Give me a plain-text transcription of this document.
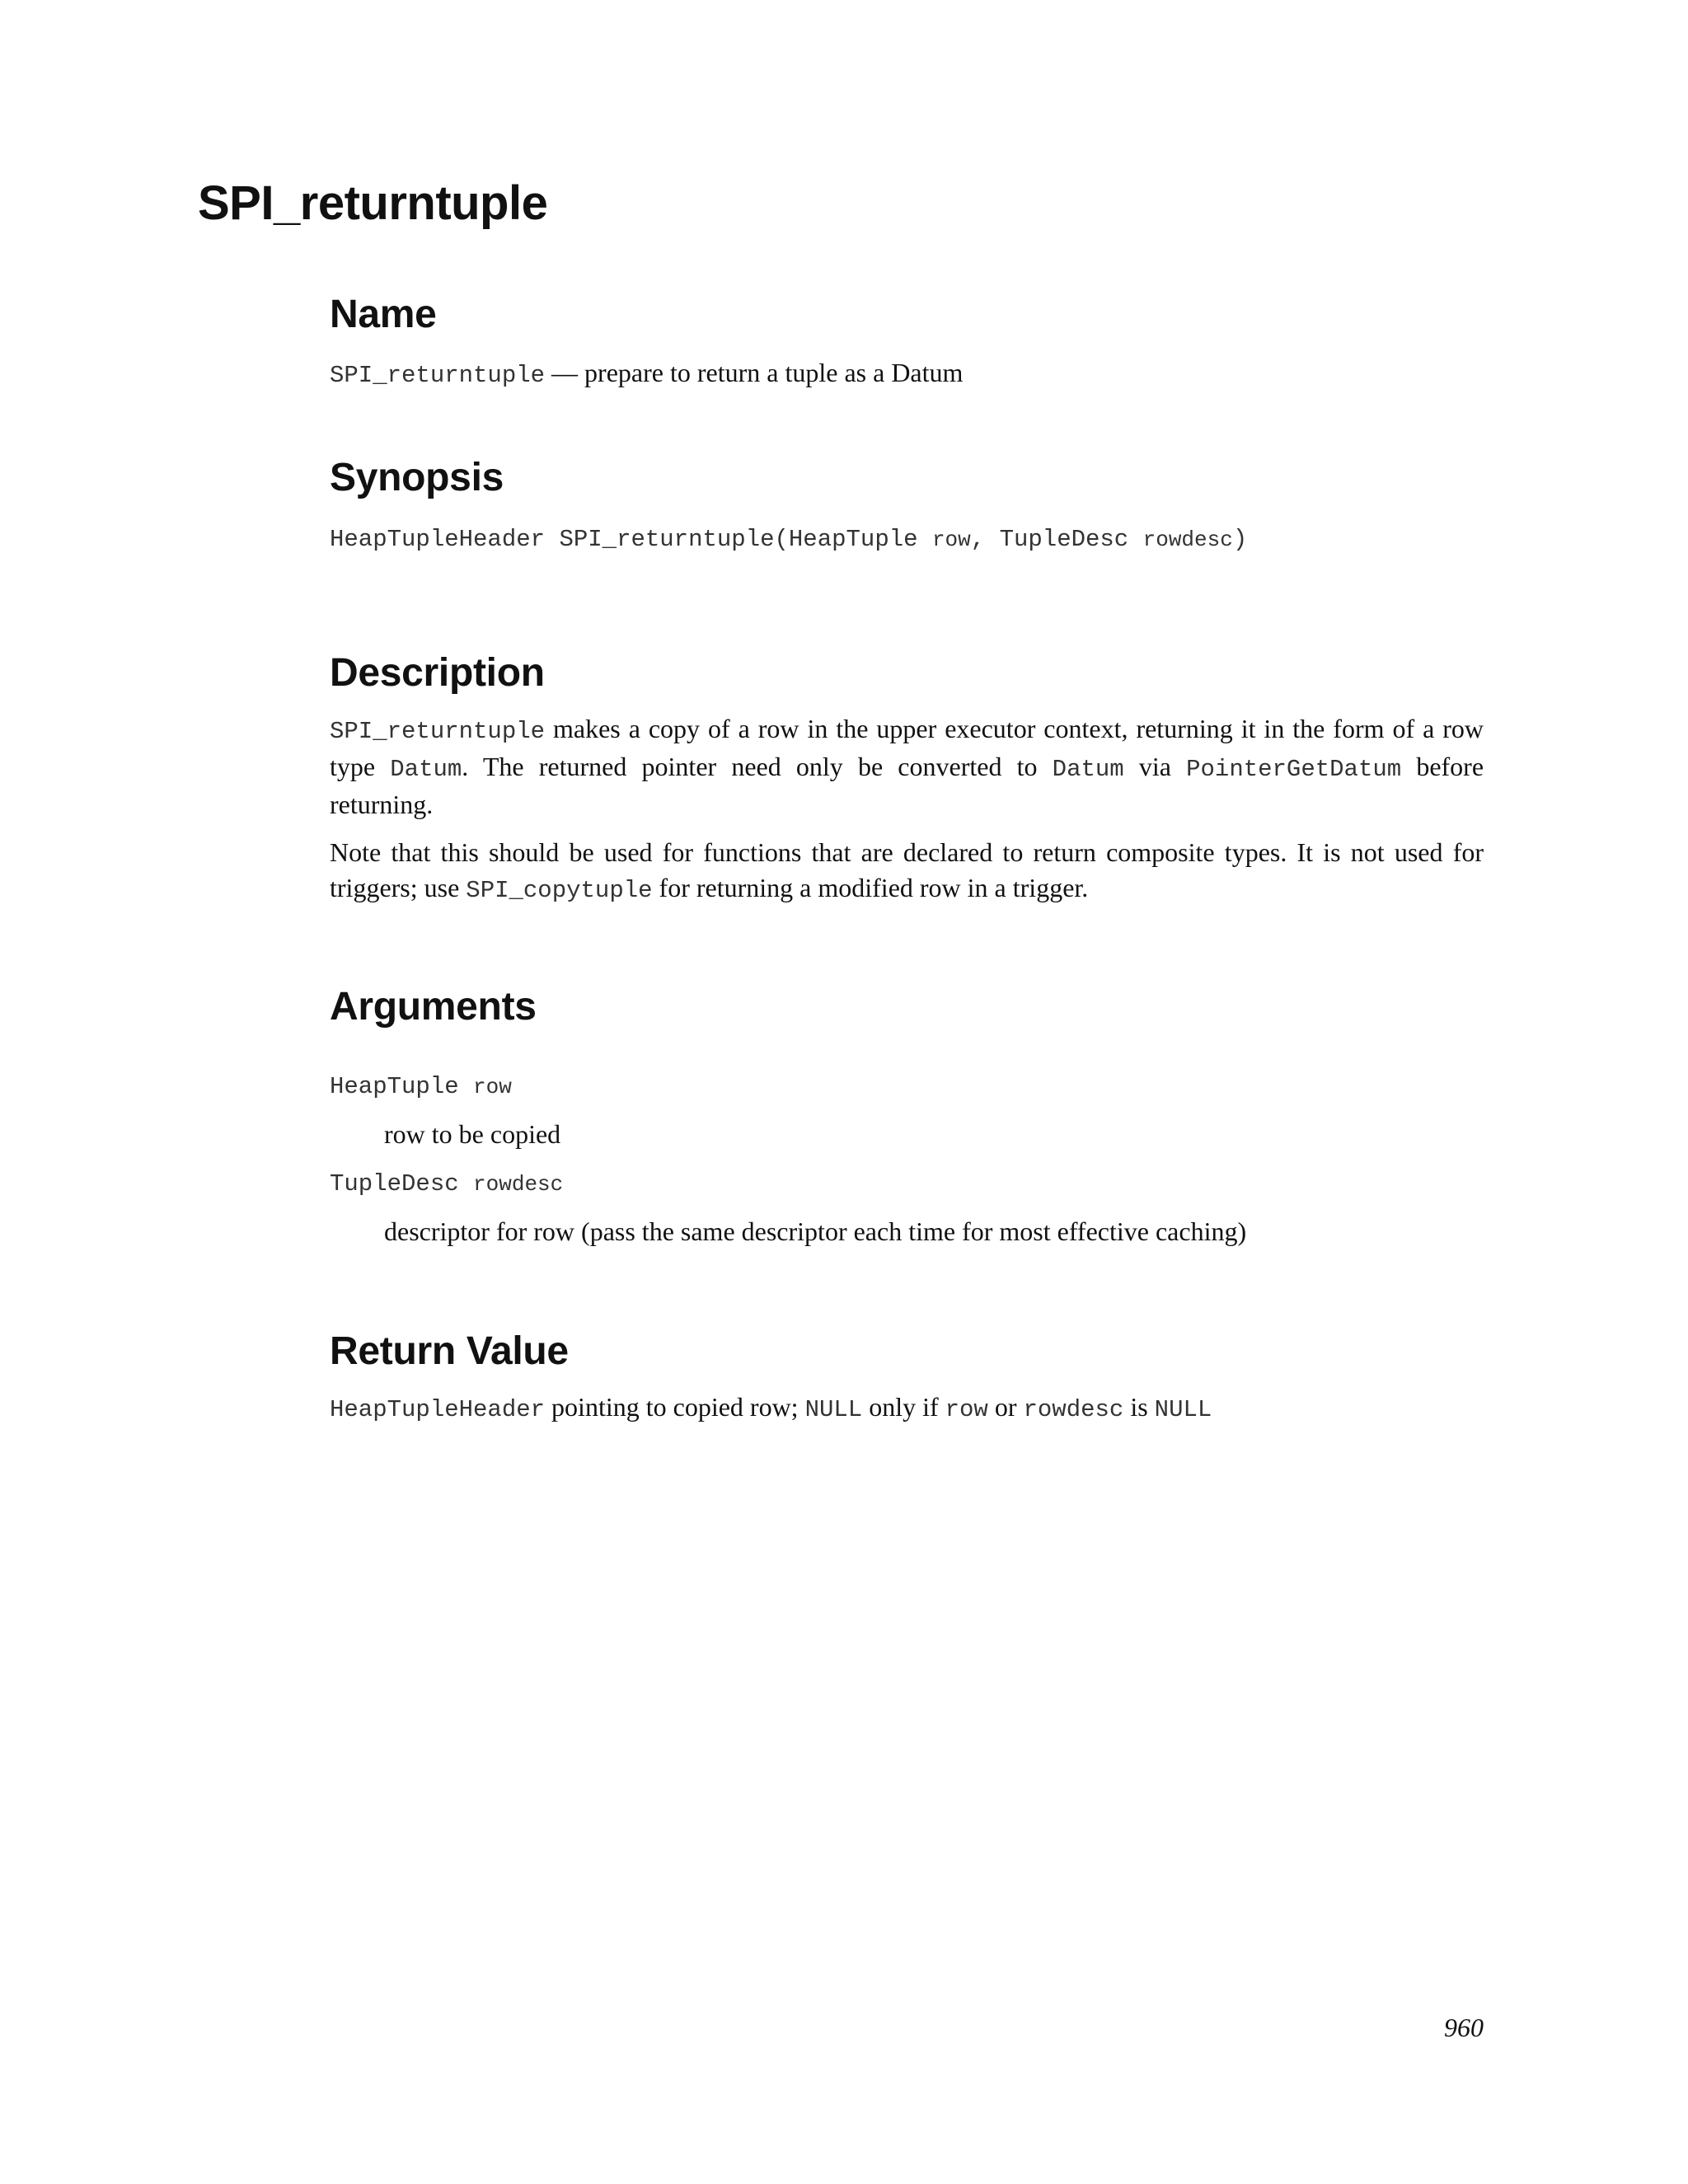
SPI_returntuple
Name

SPI_returntuple — prepare to return a tuple as a Datum

Synopsis

HeapTupleHeader SPI_returntuple(HeapTuple row, TupleDesc rowdesc)

Description

SPI_returntuple makes a copy of a row in the upper executor context, returning it in the form of a row type Datum. The returned pointer need only be converted to Datum via PointerGetDatum before returning.

Note that this should be used for functions that are declared to return composite types. It is not used for triggers; use SPI_copytuple for returning a modified row in a trigger.

Arguments

HeapTuple row

row to be copied

TupleDesc rowdesc

descriptor for row (pass the same descriptor each time for most effective caching)

Return Value

HeapTupleHeader pointing to copied row; NULL only if row or rowdesc is NULL

960
